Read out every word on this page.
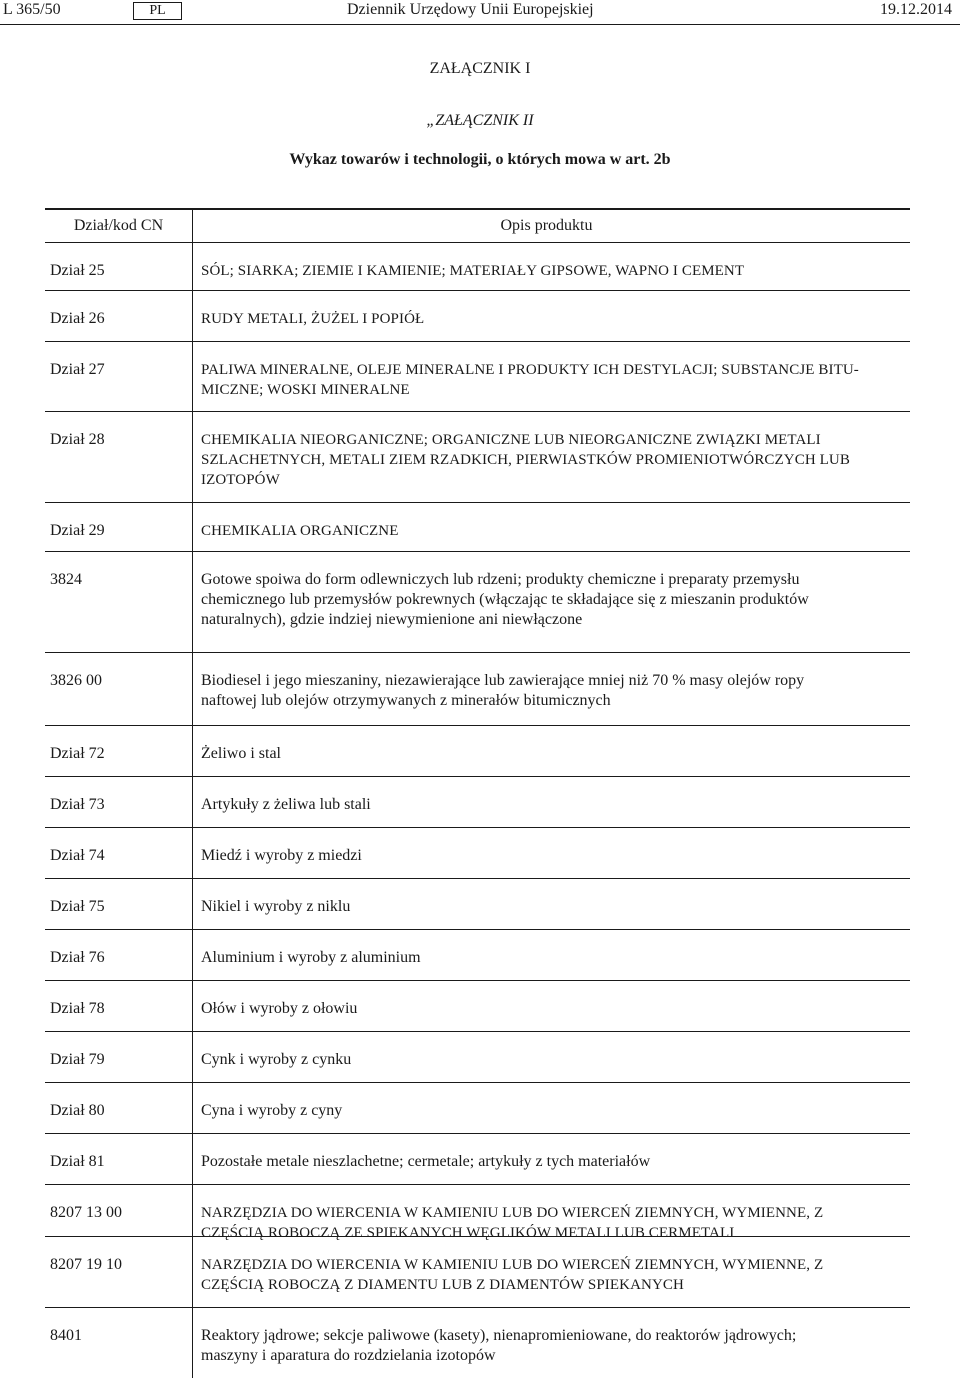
L 365/50	PL	Dziennik Urzędowy Unii Europejskiej	19.12.2014
ZAŁĄCZNIK I
„ZAŁĄCZNIK II
Wykaz towarów i technologii, o których mowa w art. 2b
Dział/kod CN	Opis produktu
Dział 25	SÓL; SIARKA; ZIEMIE I KAMIENIE; MATERIAŁY GIPSOWE, WAPNO I CEMENT
Dział 26	RUDY METALI, ŻUŻEL I POPIÓŁ
Dział 27	PALIWA MINERALNE, OLEJE MINERALNE I PRODUKTY ICH DESTYLACJI; SUBSTANCJE BITU-
MICZNE; WOSKI MINERALNE
Dział 28	CHEMIKALIA NIEORGANICZNE; ORGANICZNE LUB NIEORGANICZNE ZWIĄZKI METALI
SZLACHETNYCH, METALI ZIEM RZADKICH, PIERWIASTKÓW PROMIENIOTWÓRCZYCH LUB
IZOTOPÓW
Dział 29	CHEMIKALIA ORGANICZNE
3824	Gotowe spoiwa do form odlewniczych lub rdzeni; produkty chemiczne i preparaty przemysłu
chemicznego lub przemysłów pokrewnych (włączając te składające się z mieszanin produktów
naturalnych), gdzie indziej niewymienione ani niewłączone
3826 00	Biodiesel i jego mieszaniny, niezawierające lub zawierające mniej niż 70 % masy olejów ropy
naftowej lub olejów otrzymywanych z minerałów bitumicznych
Dział 72	Żeliwo i stal
Dział 73	Artykuły z żeliwa lub stali
Dział 74	Miedź i wyroby z miedzi
Dział 75	Nikiel i wyroby z niklu
Dział 76	Aluminium i wyroby z aluminium
Dział 78	Ołów i wyroby z ołowiu
Dział 79	Cynk i wyroby z cynku
Dział 80	Cyna i wyroby z cyny
Dział 81	Pozostałe metale nieszlachetne; cermetale; artykuły z tych materiałów
8207 13 00	NARZĘDZIA DO WIERCENIA W KAMIENIU LUB DO WIERCEŃ ZIEMNYCH, WYMIENNE, Z
CZĘŚCIĄ ROBOCZĄ ZE SPIEKANYCH WĘGLIKÓW METALI LUB CERMETALI
8207 19 10	NARZĘDZIA DO WIERCENIA W KAMIENIU LUB DO WIERCEŃ ZIEMNYCH, WYMIENNE, Z
CZĘŚCIĄ ROBOCZĄ Z DIAMENTU LUB Z DIAMENTÓW SPIEKANYCH
8401	Reaktory jądrowe; sekcje paliwowe (kasety), nienapromieniowane, do reaktorów jądrowych;
maszyny i aparatura do rozdzielania izotopów
